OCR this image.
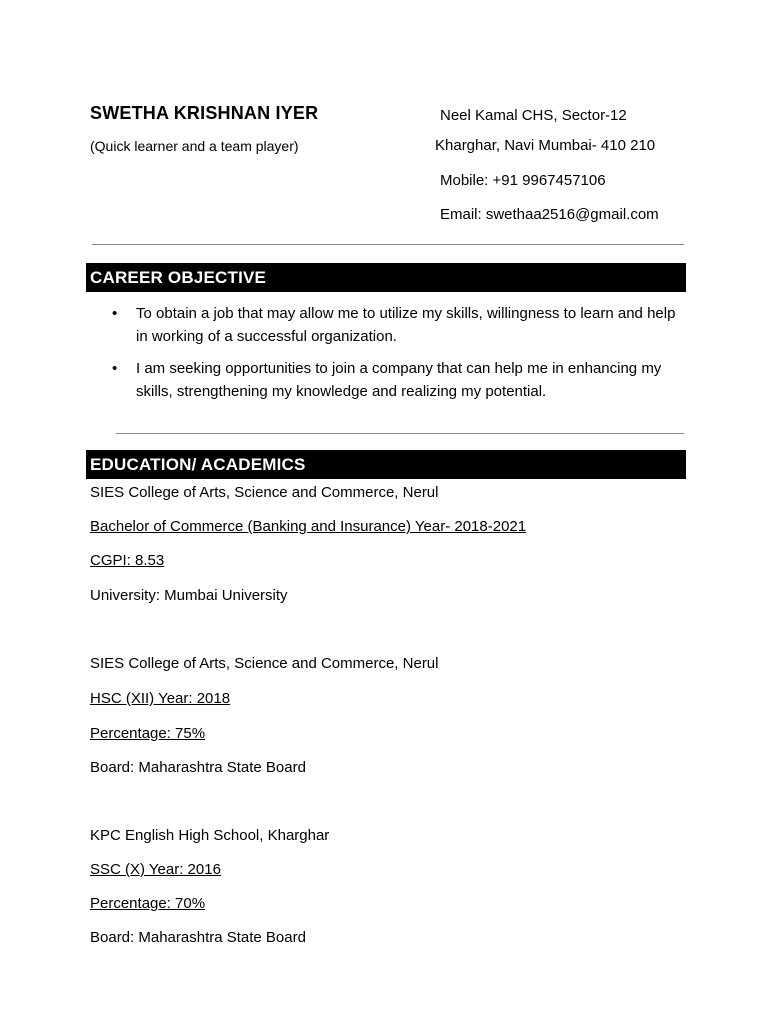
SWETHA KRISHNAN IYER
(Quick learner and a team player)
Neel Kamal CHS, Sector-12
Kharghar, Navi Mumbai- 410 210
Mobile: +91 9967457106
Email: swethaa2516@gmail.com
CAREER OBJECTIVE
• To obtain a job that may allow me to utilize my skills, willingness to learn and help in working of a successful organization.
• I am seeking opportunities to join a company that can help me in enhancing my skills, strengthening my knowledge and realizing my potential.
EDUCATION/ ACADEMICS
SIES College of Arts, Science and Commerce, Nerul
Bachelor of Commerce (Banking and Insurance) Year- 2018-2021
CGPI: 8.53
University: Mumbai University
SIES College of Arts, Science and Commerce, Nerul
HSC (XII) Year: 2018
Percentage: 75%
Board: Maharashtra State Board
KPC English High School, Kharghar
SSC (X) Year: 2016
Percentage: 70%
Board: Maharashtra State Board
